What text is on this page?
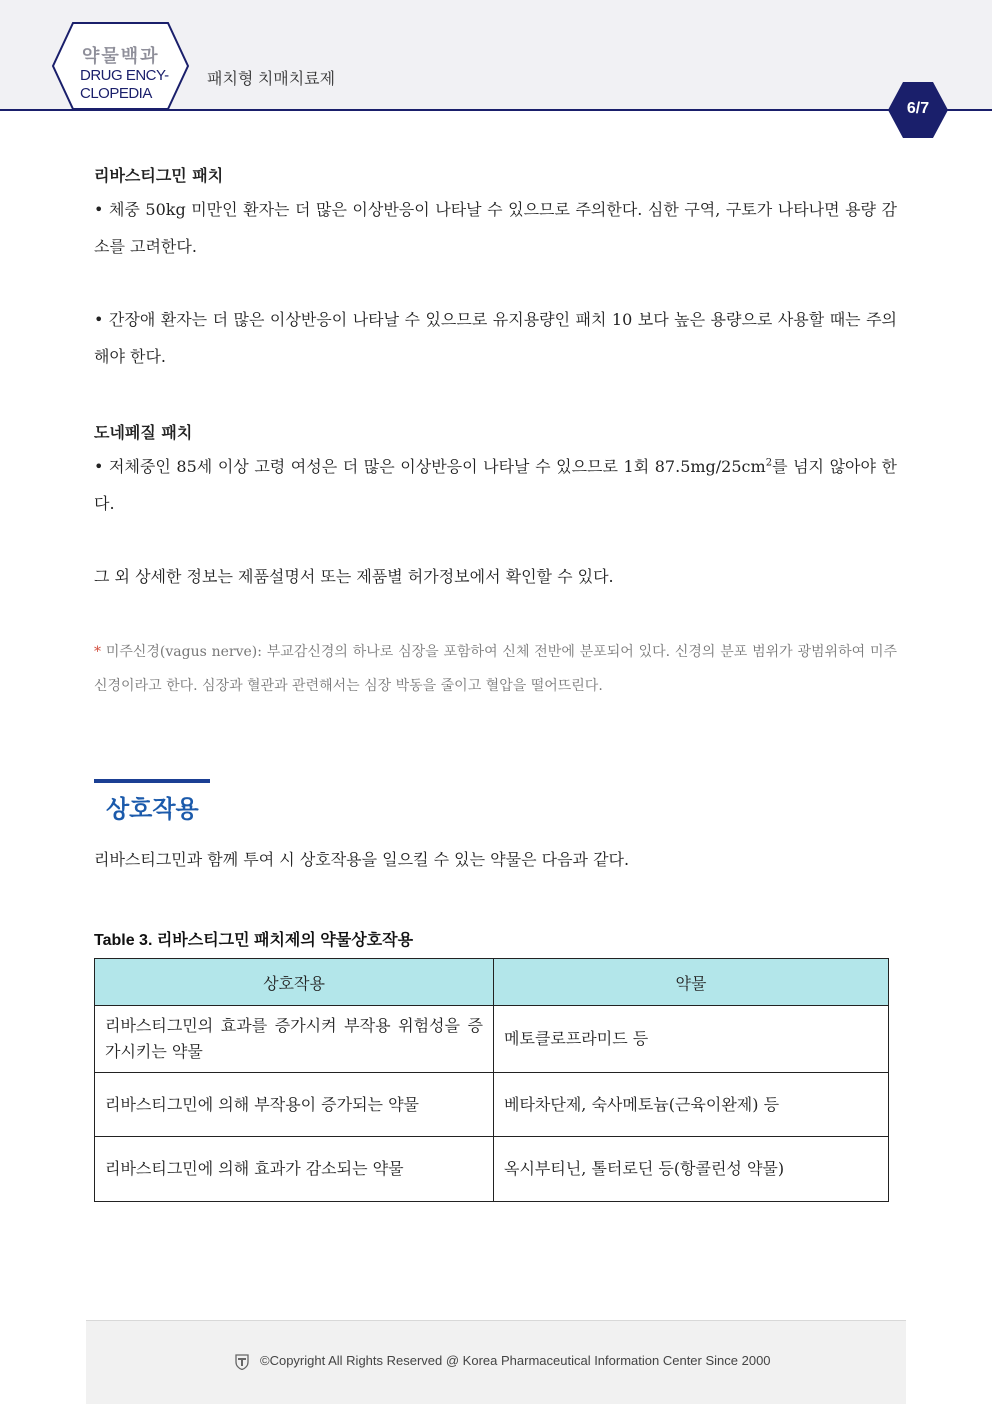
약물백과
DRUG ENCY-
CLOPEDIA
패치형 치매치료제
6/7
리바스티그민 패치

• 체중 50kg 미만인 환자는 더 많은 이상반응이 나타날 수 있으므로 주의한다. 심한 구역, 구토가 나타나면 용량 감소를 고려한다.

• 간장애 환자는 더 많은 이상반응이 나타날 수 있으므로 유지용량인 패치 10 보다 높은 용량으로 사용할 때는 주의해야 한다.

도네페질 패치

• 저체중인 85세 이상 고령 여성은 더 많은 이상반응이 나타날 수 있으므로 1회 $87.5mg/25cm^2$를 넘지 않아야 한다.

그 외 상세한 정보는 제품설명서 또는 제품별 허가정보에서 확인할 수 있다.

* 미주신경(vagus nerve): 부교감신경의 하나로 심장을 포함하여 신체 전반에 분포되어 있다. 신경의 분포 범위가 광범위하여 미주신경이라고 한다. 심장과 혈관과 관련해서는 심장 박동을 줄이고 혈압을 떨어뜨린다.

상호작용

리바스티그민과 함께 투여 시 상호작용을 일으킬 수 있는 약물은 다음과 같다.

Table 3. 리바스티그민 패치제의 약물상호작용
상호작용	약물
리바스티그민의 효과를 증가시켜 부작용 위험성을 증가시키는 약물	메토클로프라미드 등
리바스티그민에 의해 부작용이 증가되는 약물	베타차단제, 숙사메토늄(근육이완제) 등
리바스티그민에 의해 효과가 감소되는 약물	옥시부티닌, 톨터로딘 등(항콜린성 약물)
©Copyright All Rights Reserved @ Korea Pharmaceutical Information Center Since 2000
